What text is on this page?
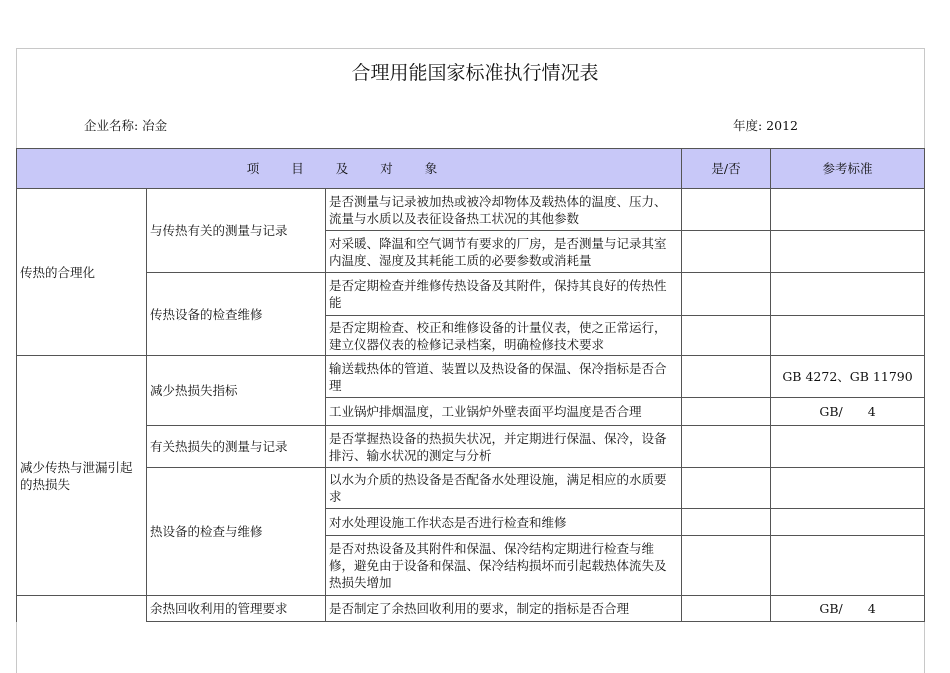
合理用能国家标准执行情况表
企业名称: 冶金	年度: 2012
项 目 及 对 象			是/否	参考标准
传热的合理化	与传热有关的测量与记录	是否测量与记录被加热或被冷却物体及载热体的温度、压力、流量与水质以及表征设备热工状况的其他参数		
		对采暖、降温和空气调节有要求的厂房，是否测量与记录其室内温度、湿度及其耗能工质的必要参数或消耗量		
	传热设备的检查维修	是否定期检查并维修传热设备及其附件，保持其良好的传热性能		
		是否定期检查、校正和维修设备的计量仪表，使之正常运行，建立仪器仪表的检修记录档案，明确检修技术要求		
减少传热与泄漏引起的热损失	减少热损失指标	输送载热体的管道、装置以及热设备的保温、保冷指标是否合理		GB 4272、GB 11790
		工业锅炉排烟温度，工业锅炉外壁表面平均温度是否合理		GB/　　4
	有关热损失的测量与记录	是否掌握热设备的热损失状况，并定期进行保温、保冷，设备排污、输水状况的测定与分析		
	热设备的检查与维修	以水为介质的热设备是否配备水处理设施，满足相应的水质要求		
		对水处理设施工作状态是否进行检查和维修		
		是否对热设备及其附件和保温、保冷结构定期进行检查与维修，避免由于设备和保温、保冷结构损坏而引起载热体流失及热损失增加		
	余热回收利用的管理要求	是否制定了余热回收利用的要求，制定的指标是否合理		GB/　　4
